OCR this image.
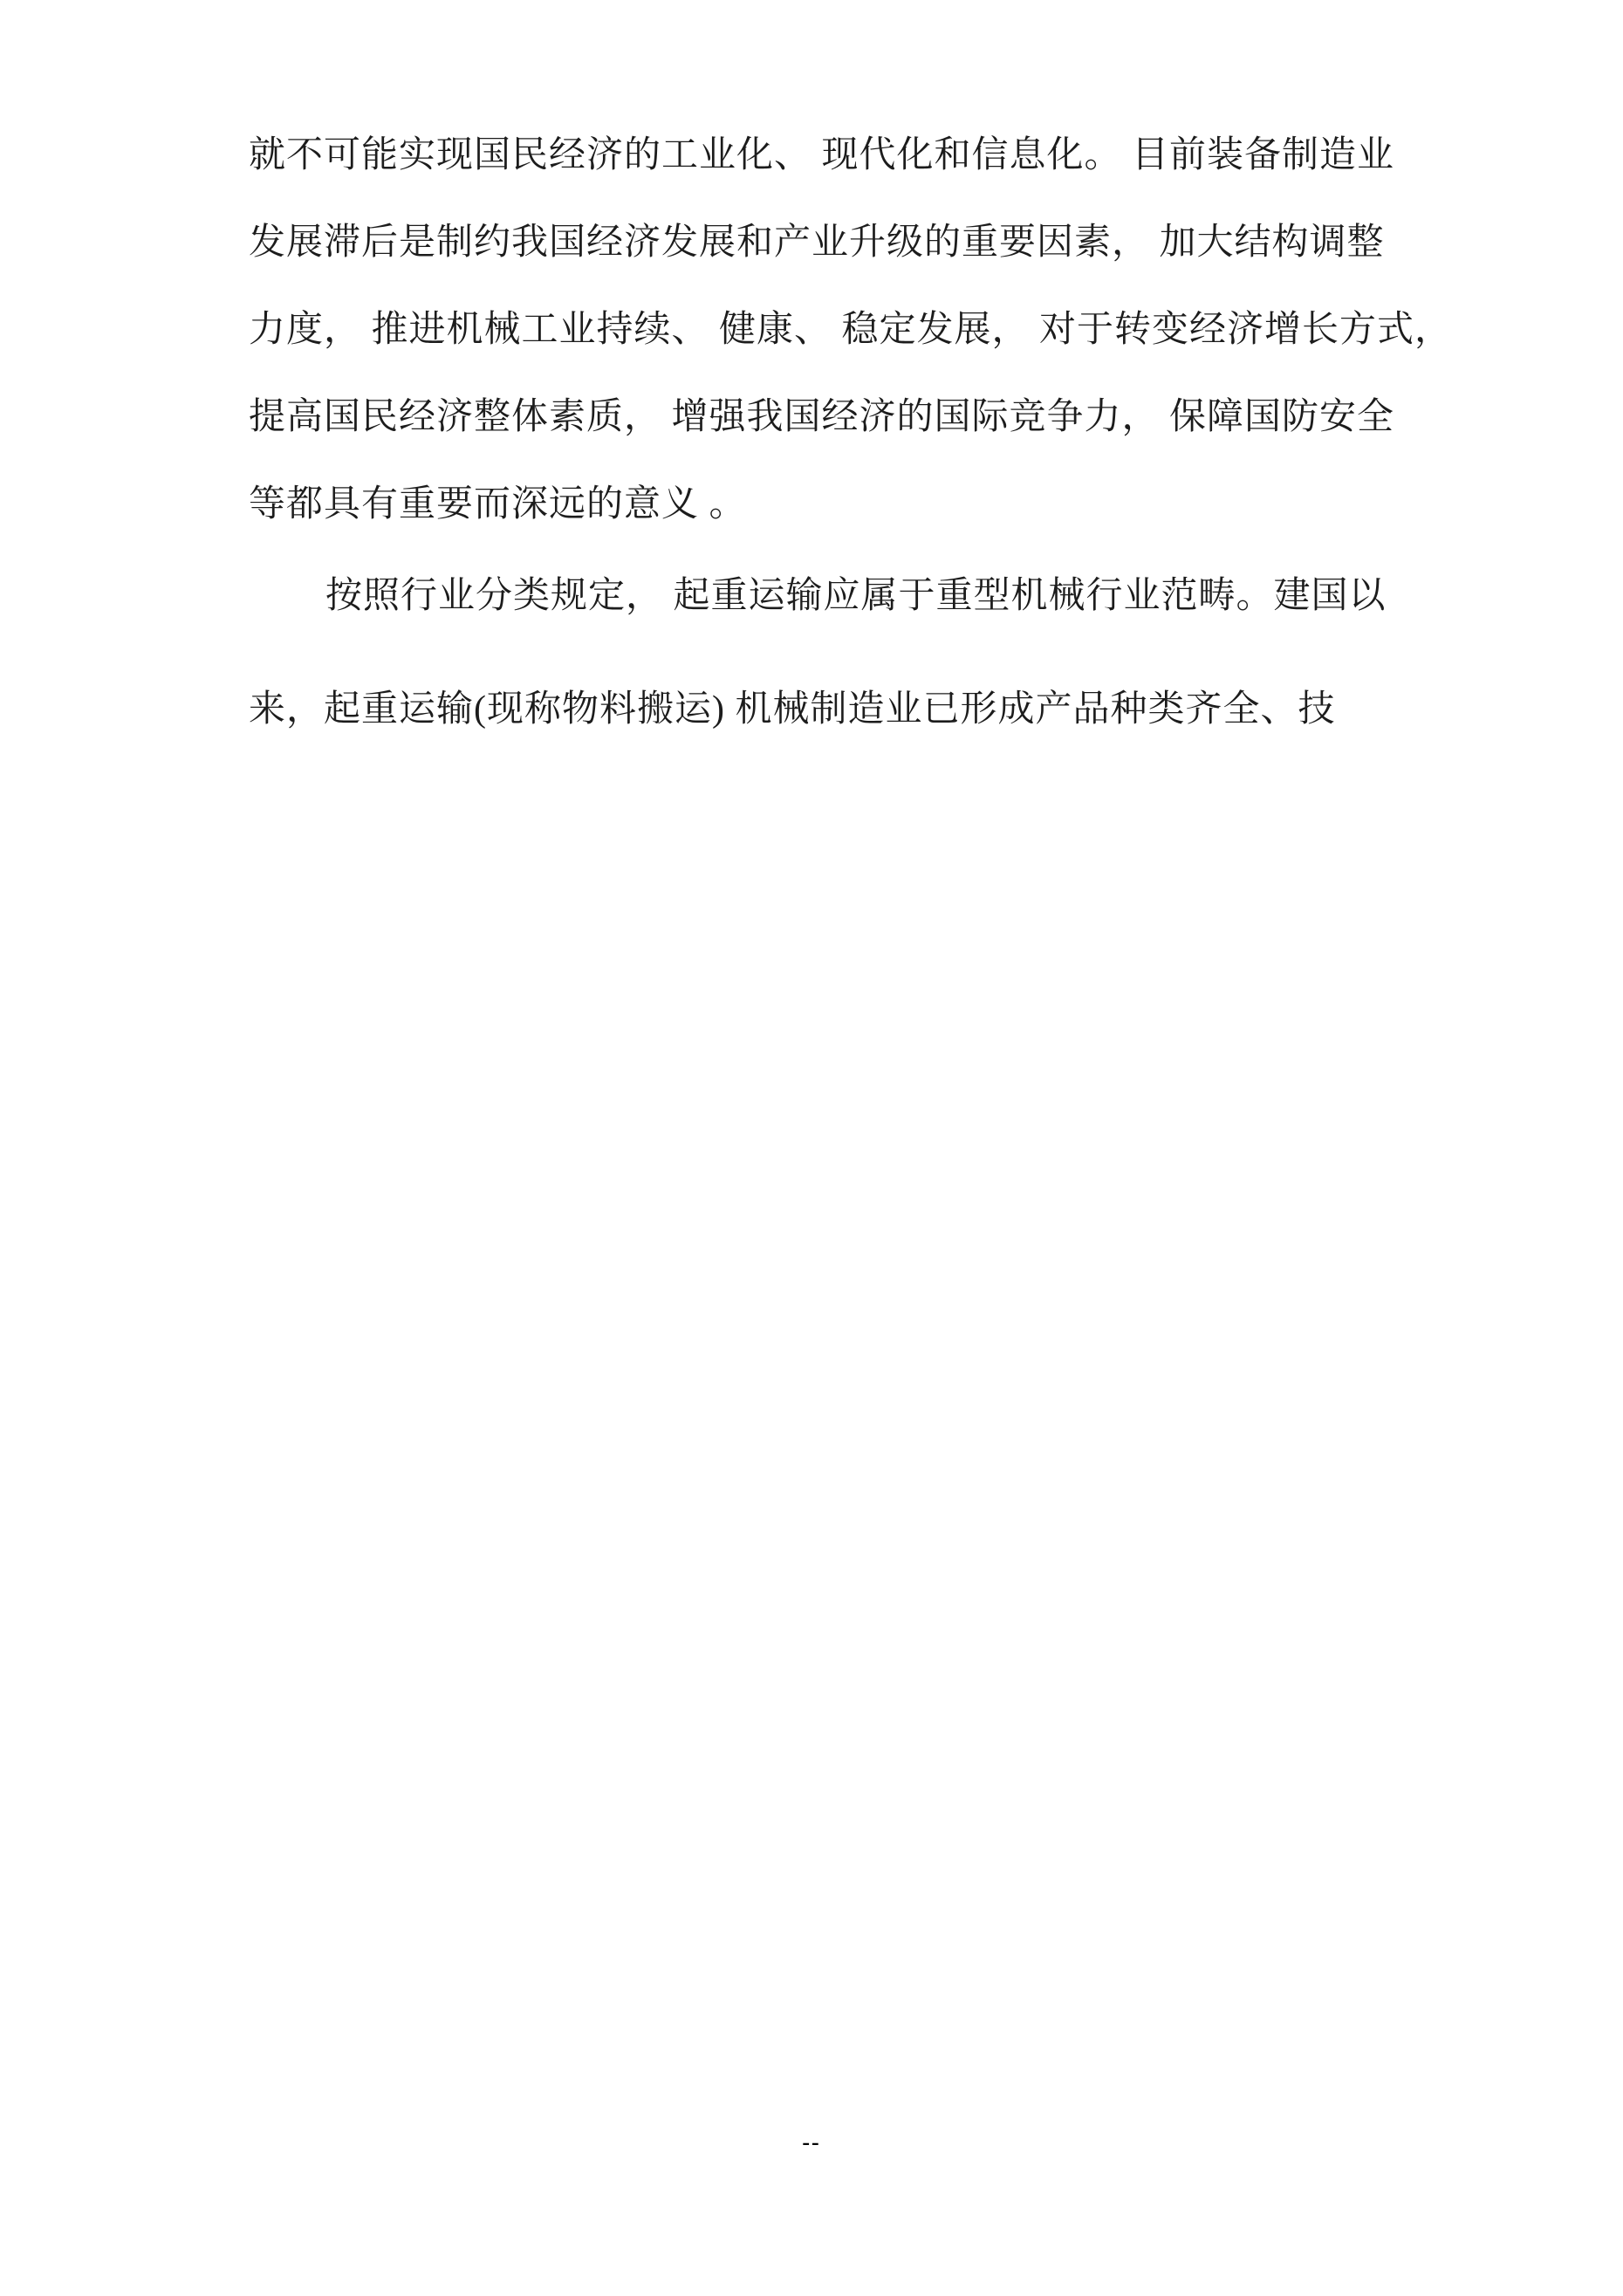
就不可能实现国民经济的工业化、 现代化和信息化。 目前装备制造业
发展滞后是制约我国经济发展和产业升级的重要因素， 加大结构调整
力度， 推进机械工业持续、 健康、 稳定发展， 对于转变经济增长方式，
提高国民经济整体素质， 增强我国经济的国际竞争力， 保障国防安全
等都具有重要而深远的意义 。
按照行业分类规定， 起重运输应属于重型机械行业范畴。建国以
来，起重运输(现称物料搬运) 机械制造业已形成产品种类齐全、技
--
